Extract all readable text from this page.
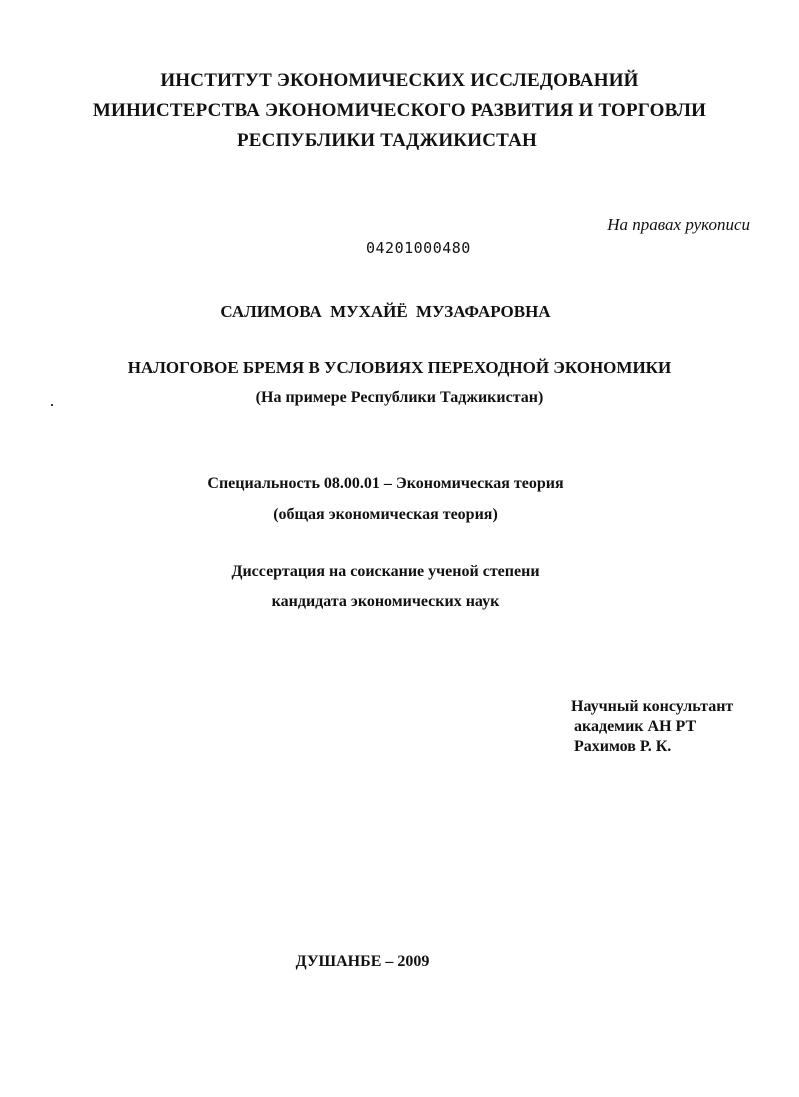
ИНСТИТУТ ЭКОНОМИЧЕСКИХ ИССЛЕДОВАНИЙ
МИНИСТЕРСТВА ЭКОНОМИЧЕСКОГО РАЗВИТИЯ И ТОРГОВЛИ
РЕСПУБЛИКИ ТАДЖИКИСТАН
На правах рукописи
04201000480
САЛИМОВА МУХАЙЁ МУЗАФАРОВНА
НАЛОГОВОЕ БРЕМЯ В УСЛОВИЯХ ПЕРЕХОДНОЙ ЭКОНОМИКИ
(На примере Республики Таджикистан)
Специальность 08.00.01 – Экономическая теория
(общая экономическая теория)
Диссертация на соискание ученой степени
кандидата экономических наук
Научный консультант
академик АН РТ
Рахимов Р. К.
ДУШАНБЕ – 2009
